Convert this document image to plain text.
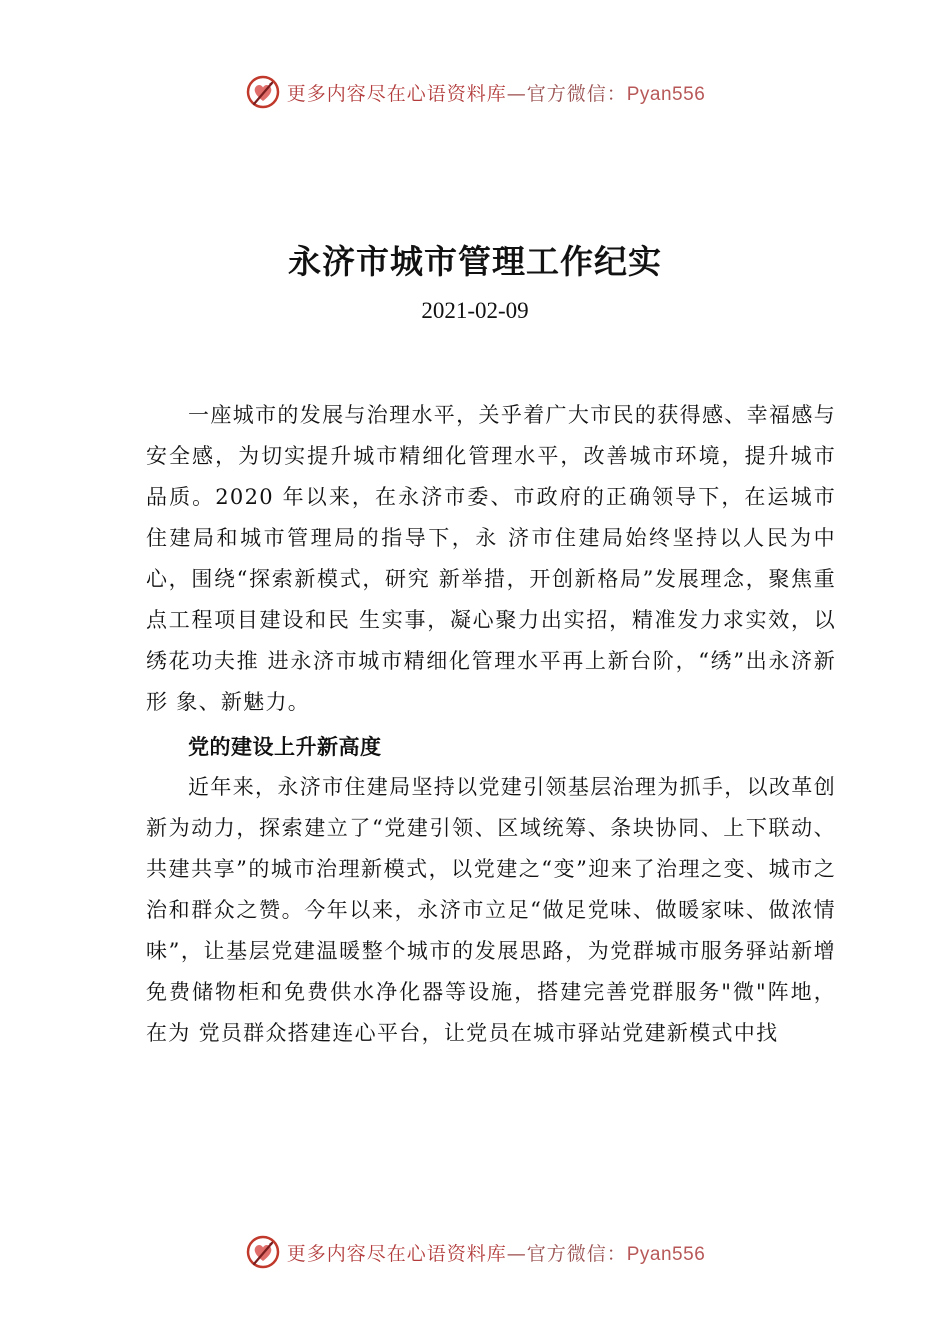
更多内容尽在心语资料库—官方微信：Pyan556
永济市城市管理工作纪实
2021-02-09

一座城市的发展与治理水平，关乎着广大市民的获得感、幸福感与安全感，为切实提升城市精细化管理水平，改善城市环境，提升城市品质。2020 年以来，在永济市委、市政府的正确领导下，在运城市住建局和城市管理局的指导下，永 济市住建局始终坚持以人民为中心，围绕“探索新模式，研究 新举措，开创新格局”发展理念，聚焦重点工程项目建设和民 生实事，凝心聚力出实招，精准发力求实效，以绣花功夫推 进永济市城市精细化管理水平再上新台阶，“绣”出永济新形 象、新魅力。

党的建设上升新高度

近年来，永济市住建局坚持以党建引领基层治理为抓手，以改革创新为动力，探索建立了“党建引领、区域统筹、条块协同、上下联动、共建共享”的城市治理新模式，以党建之“变”迎来了治理之变、城市之治和群众之赞。今年以来，永济市立足“做足党味、做暖家味、做浓情味”，让基层党建温暖整个城市的发展思路，为党群城市服务驿站新增免费储物柜和免费供水净化器等设施，搭建完善党群服务"微"阵地，在为 党员群众搭建连心平台，让党员在城市驿站党建新模式中找

更多内容尽在心语资料库—官方微信：Pyan556
